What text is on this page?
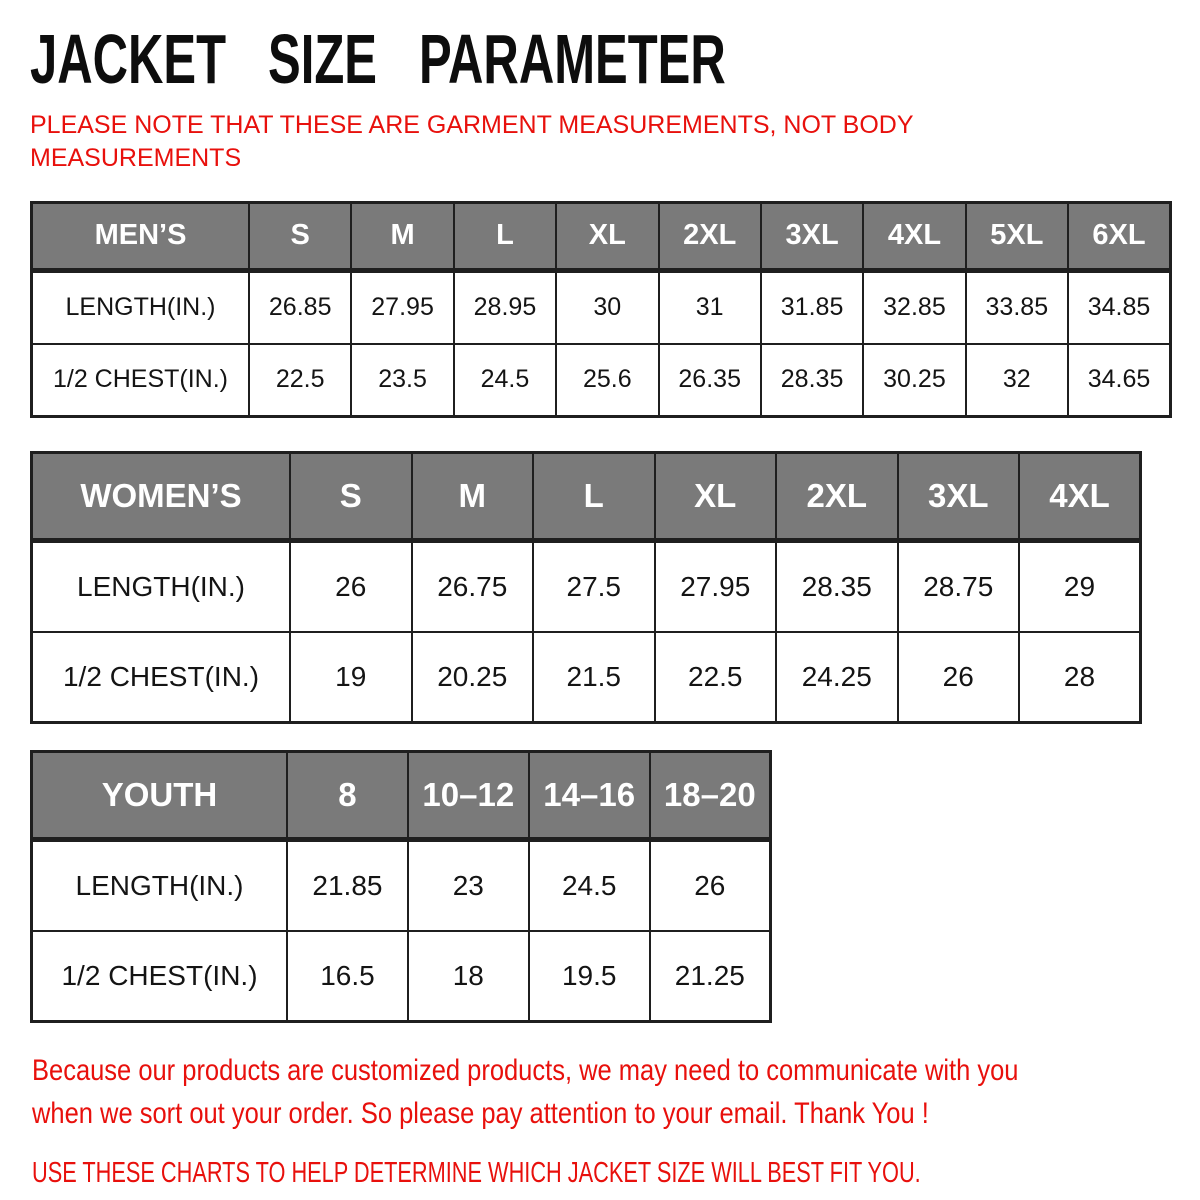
JACKET SIZE PARAMETER

PLEASE NOTE THAT THESE ARE GARMENT MEASUREMENTS, NOT BODY
MEASUREMENTS

MEN’S	S	M	L	XL	2XL	3XL	4XL	5XL	6XL
LENGTH(IN.)	26.85	27.95	28.95	30	31	31.85	32.85	33.85	34.85
1/2 CHEST(IN.)	22.5	23.5	24.5	25.6	26.35	28.35	30.25	32	34.65
WOMEN’S	S	M	L	XL	2XL	3XL	4XL
LENGTH(IN.)	26	26.75	27.5	27.95	28.35	28.75	29
1/2 CHEST(IN.)	19	20.25	21.5	22.5	24.25	26	28
YOUTH	8	10–12	14–16	18–20
LENGTH(IN.)	21.85	23	24.5	26
1/2 CHEST(IN.)	16.5	18	19.5	21.25
Because our products are customized products, we may need to communicate with you
when we sort out your order. So please pay attention to your email. Thank You !
USE THESE CHARTS TO HELP DETERMINE WHICH JACKET SIZE WILL BEST FIT YOU.
